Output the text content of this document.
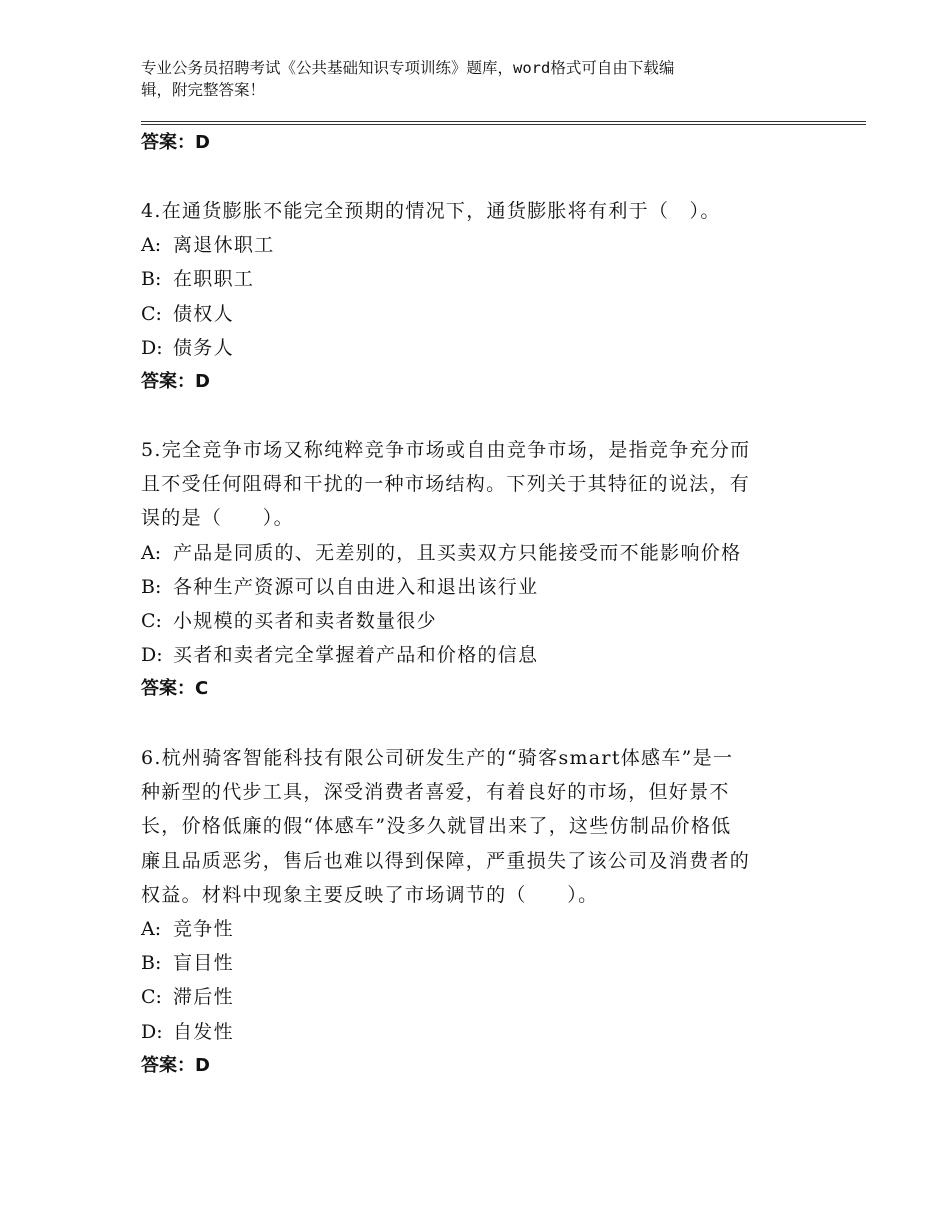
专业公务员招聘考试《公共基础知识专项训练》题库，word格式可自由下载编
辑，附完整答案！
答案：D
4.在通货膨胀不能完全预期的情况下，通货膨胀将有利于（　）。
A: 离退休职工
B: 在职职工
C: 债权人
D: 债务人
答案：D
5.完全竞争市场又称纯粹竞争市场或自由竞争市场，是指竞争充分而
且不受任何阻碍和干扰的一种市场结构。下列关于其特征的说法，有
误的是（　　）。
A: 产品是同质的、无差别的，且买卖双方只能接受而不能影响价格
B: 各种生产资源可以自由进入和退出该行业
C: 小规模的买者和卖者数量很少
D: 买者和卖者完全掌握着产品和价格的信息
答案：C
6.杭州骑客智能科技有限公司研发生产的“骑客smart体感车”是一
种新型的代步工具，深受消费者喜爱，有着良好的市场，但好景不
长，价格低廉的假“体感车”没多久就冒出来了，这些仿制品价格低
廉且品质恶劣，售后也难以得到保障，严重损失了该公司及消费者的
权益。材料中现象主要反映了市场调节的（　　）。
A: 竞争性
B: 盲目性
C: 滞后性
D: 自发性
答案：D
